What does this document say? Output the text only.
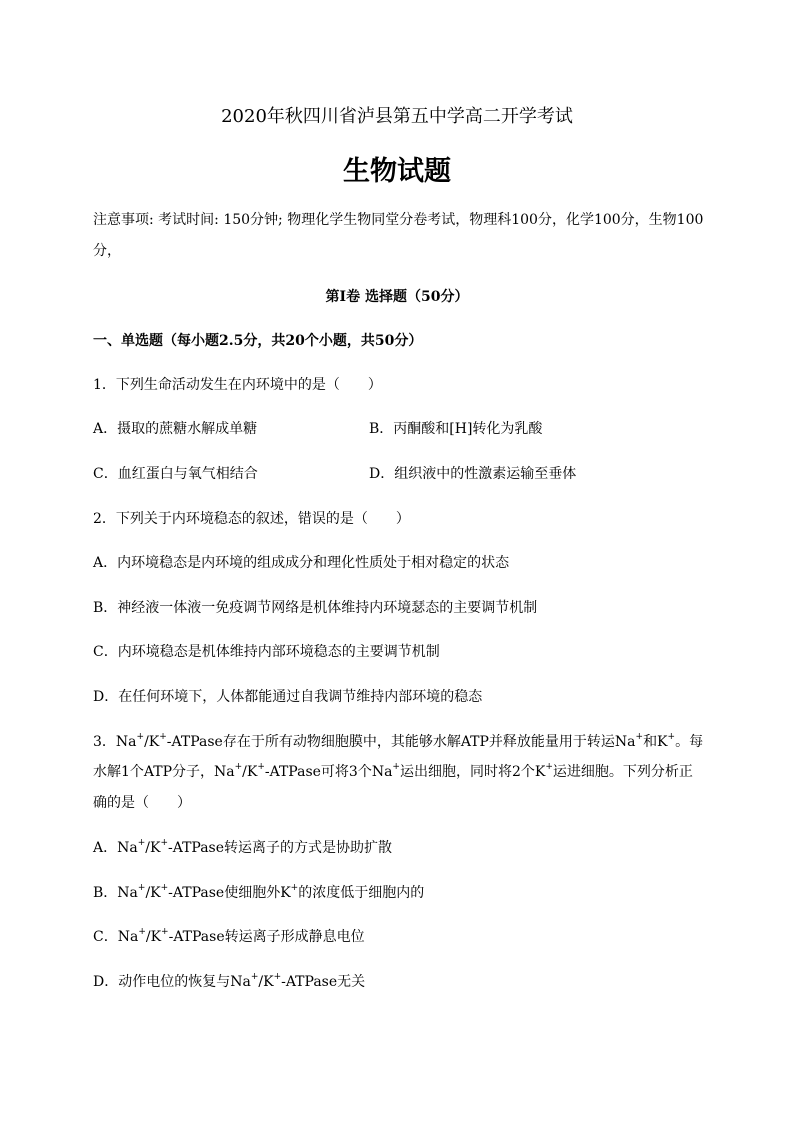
2020年秋四川省泸县第五中学高二开学考试
生物试题
注意事项: 考试时间: 150分钟; 物理化学生物同堂分卷考试，物理科100分，化学100分，生物100
分，
第I卷 选择题（50分）
一、单选题（每小题2.5分，共20个小题，共50分）
1．下列生命活动发生在内环境中的是（　　）
A．摄取的蔗糖水解成单糖	B．丙酮酸和[H]转化为乳酸
C．血红蛋白与氧气相结合	D．组织液中的性激素运输至垂体
2．下列关于内环境稳态的叙述，错误的是（　　）
A．内环境稳态是内环境的组成成分和理化性质处于相对稳定的状态
B．神经液一体液一免疫调节网络是机体维持内环境瑟态的主要调节机制
C．内环境稳态是机体维持内部环境稳态的主要调节机制
D．在任何环境下，人体都能通过自我调节维持内部环境的稳态
3．Na+/K+-ATPase存在于所有动物细胞膜中，其能够水解ATP并释放能量用于转运Na+和K+。每
水解1个ATP分子，Na+/K+-ATPase可将3个Na+运出细胞，同时将2个K+运进细胞。下列分析正
确的是（　　）
A．Na+/K+-ATPase转运离子的方式是协助扩散
B．Na+/K+-ATPase使细胞外K+的浓度低于细胞内的
C．Na+/K+-ATPase转运离子形成静息电位
D．动作电位的恢复与Na+/K+-ATPase无关
